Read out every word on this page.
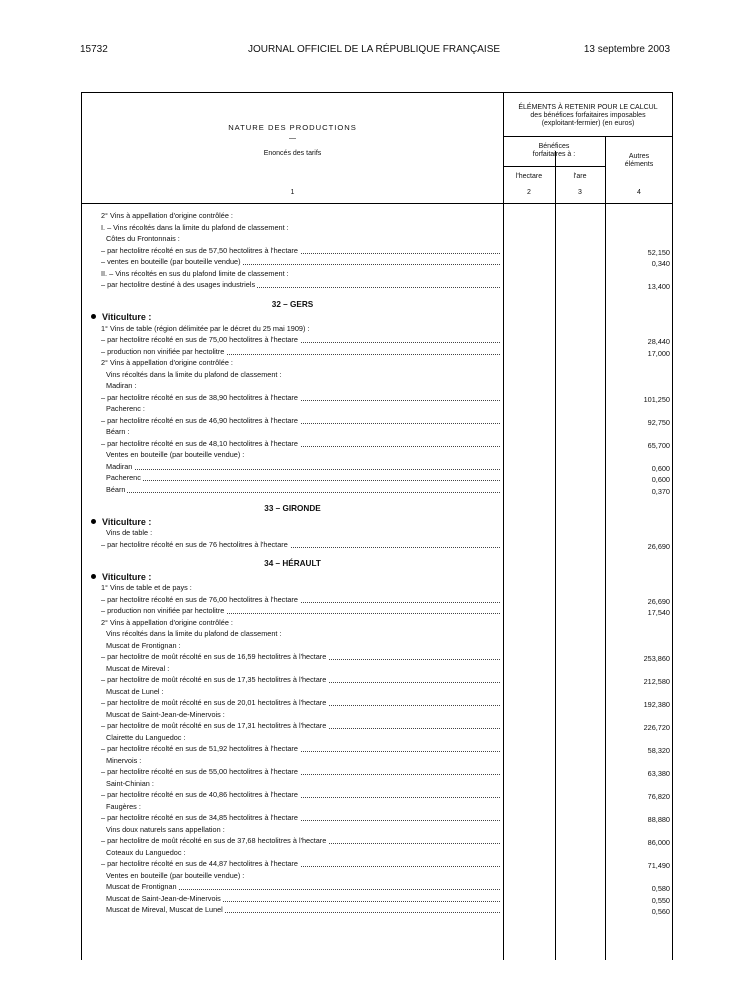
15732	JOURNAL OFFICIEL DE LA RÉPUBLIQUE FRANÇAISE	13 septembre 2003
NATURE DES PRODUCTIONS
—
Enoncés des tarifs
ÉLÉMENTS À RETENIR POUR LE CALCUL
des bénéfices forfaitaires imposables
(exploitant-fermier) (en euros)
Bénéfices
forfaitaires à :
l'hectare	l'are
Autres
éléments
1	2	3	4
2° Vins à appellation d'origine contrôlée :
I. – Vins récoltés dans la limite du plafond de classement :
Côtes du Frontonnais :
– par hectolitre récolté en sus de 57,50 hectolitres à l'hectare	52,150
– ventes en bouteille (par bouteille vendue)	0,340
II. – Vins récoltés en sus du plafond limite de classement :
– par hectolitre destiné à des usages industriels	13,400
32 – GERS
Viticulture :
1° Vins de table (région délimitée par le décret du 25 mai 1909) :
– par hectolitre récolté en sus de 75,00 hectolitres à l'hectare	28,440
– production non vinifiée par hectolitre	17,000
2° Vins à appellation d'origine contrôlée :
Vins récoltés dans la limite du plafond de classement :
Madiran :
– par hectolitre récolté en sus de 38,90 hectolitres à l'hectare	101,250
Pacherenc :
– par hectolitre récolté en sus de 46,90 hectolitres à l'hectare	92,750
Béarn :
– par hectolitre récolté en sus de 48,10 hectolitres à l'hectare	65,700
Ventes en bouteille (par bouteille vendue) :
Madiran	0,600
Pacherenc	0,600
Béarn	0,370
33 – GIRONDE
Viticulture :
Vins de table :
– par hectolitre récolté en sus de 76 hectolitres à l'hectare	26,690
34 – HÉRAULT
Viticulture :
1° Vins de table et de pays :
– par hectolitre récolté en sus de 76,00 hectolitres à l'hectare	26,690
– production non vinifiée par hectolitre	17,540
2° Vins à appellation d'origine contrôlée :
Vins récoltés dans la limite du plafond de classement :
Muscat de Frontignan :
– par hectolitre de moût récolté en sus de 16,59 hectolitres à l'hectare	253,860
Muscat de Mireval :
– par hectolitre de moût récolté en sus de 17,35 hectolitres à l'hectare	212,580
Muscat de Lunel :
– par hectolitre de moût récolté en sus de 20,01 hectolitres à l'hectare	192,380
Muscat de Saint-Jean-de-Minervois :
– par hectolitre de moût récolté en sus de 17,31 hectolitres à l'hectare	226,720
Clairette du Languedoc :
– par hectolitre récolté en sus de 51,92 hectolitres à l'hectare	58,320
Minervois :
– par hectolitre récolté en sus de 55,00 hectolitres à l'hectare	63,380
Saint-Chinian :
– par hectolitre récolté en sus de 40,86 hectolitres à l'hectare	76,820
Faugères :
– par hectolitre récolté en sus de 34,85 hectolitres à l'hectare	88,880
Vins doux naturels sans appellation :
– par hectolitre de moût récolté en sus de 37,68 hectolitres à l'hectare	86,000
Coteaux du Languedoc :
– par hectolitre récolté en sus de 44,87 hectolitres à l'hectare	71,490
Ventes en bouteille (par bouteille vendue) :
Muscat de Frontignan	0,580
Muscat de Saint-Jean-de-Minervois	0,550
Muscat de Mireval, Muscat de Lunel	0,560
